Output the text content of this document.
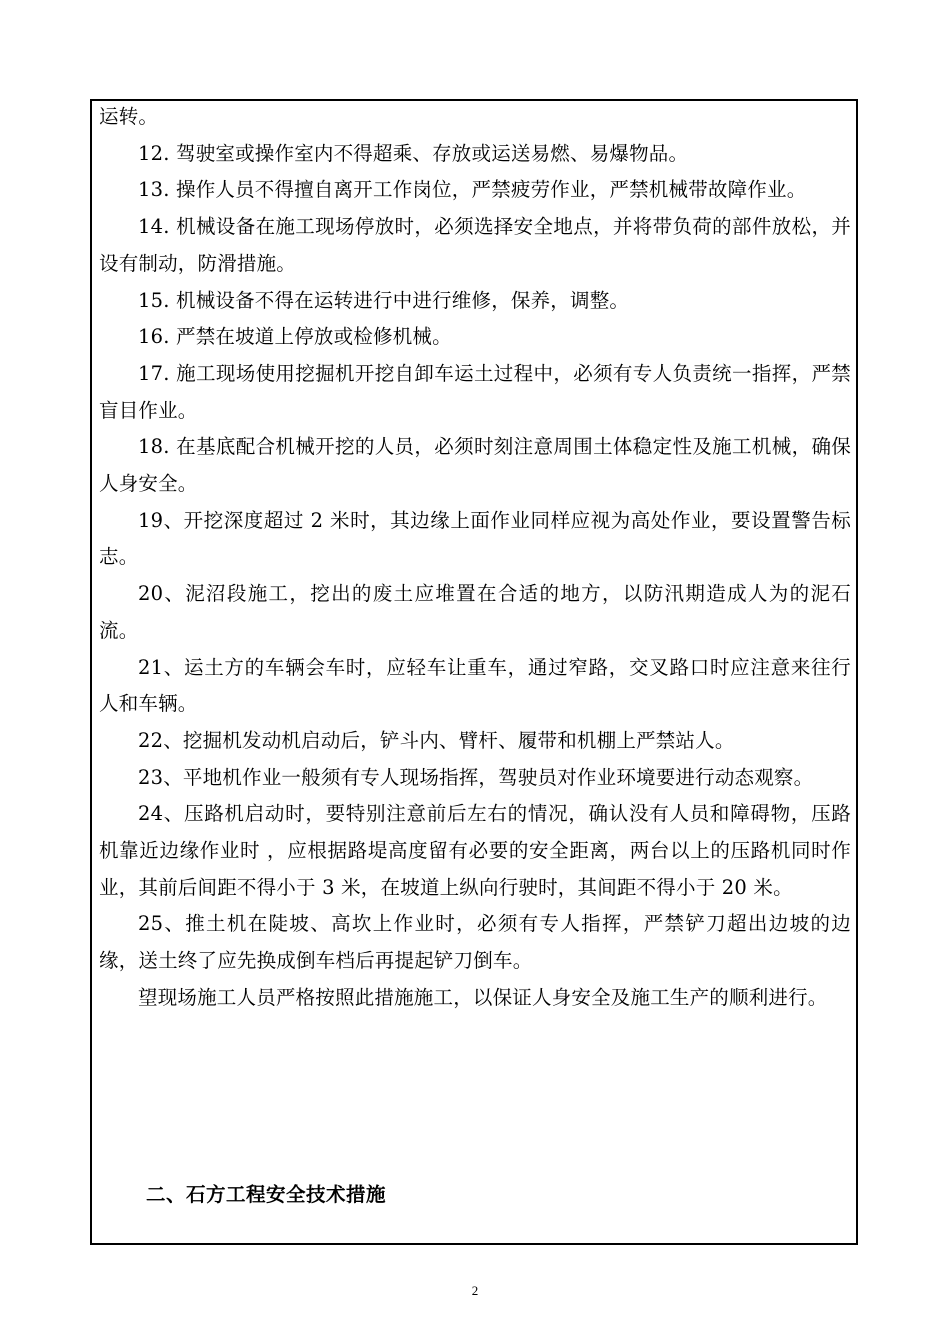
运转。

12. 驾驶室或操作室内不得超乘、存放或运送易燃、易爆物品。

13. 操作人员不得擅自离开工作岗位，严禁疲劳作业，严禁机械带故障作业。

14. 机械设备在施工现场停放时，必须选择安全地点，并将带负荷的部件放松，并设有制动，防滑措施。

15. 机械设备不得在运转进行中进行维修，保养，调整。

16. 严禁在坡道上停放或检修机械。

17. 施工现场使用挖掘机开挖自卸车运土过程中，必须有专人负责统一指挥，严禁盲目作业。

18. 在基底配合机械开挖的人员，必须时刻注意周围土体稳定性及施工机械，确保人身安全。

19、开挖深度超过 2 米时，其边缘上面作业同样应视为高处作业，要设置警告标志。

20、泥沼段施工，挖出的废土应堆置在合适的地方，以防汛期造成人为的泥石流。

21、运土方的车辆会车时，应轻车让重车，通过窄路，交叉路口时应注意来往行人和车辆。

22、挖掘机发动机启动后，铲斗内、臂杆、履带和机棚上严禁站人。

23、平地机作业一般须有专人现场指挥，驾驶员对作业环境要进行动态观察。

24、压路机启动时，要特别注意前后左右的情况，确认没有人员和障碍物，压路机靠近边缘作业时 ，应根据路堤高度留有必要的安全距离，两台以上的压路机同时作业，其前后间距不得小于 3 米，在坡道上纵向行驶时，其间距不得小于 20 米。

25、推土机在陡坡、高坎上作业时，必须有专人指挥，严禁铲刀超出边坡的边缘，送土终了应先换成倒车档后再提起铲刀倒车。

望现场施工人员严格按照此措施施工，以保证人身安全及施工生产的顺利进行。

二、石方工程安全技术措施
2
